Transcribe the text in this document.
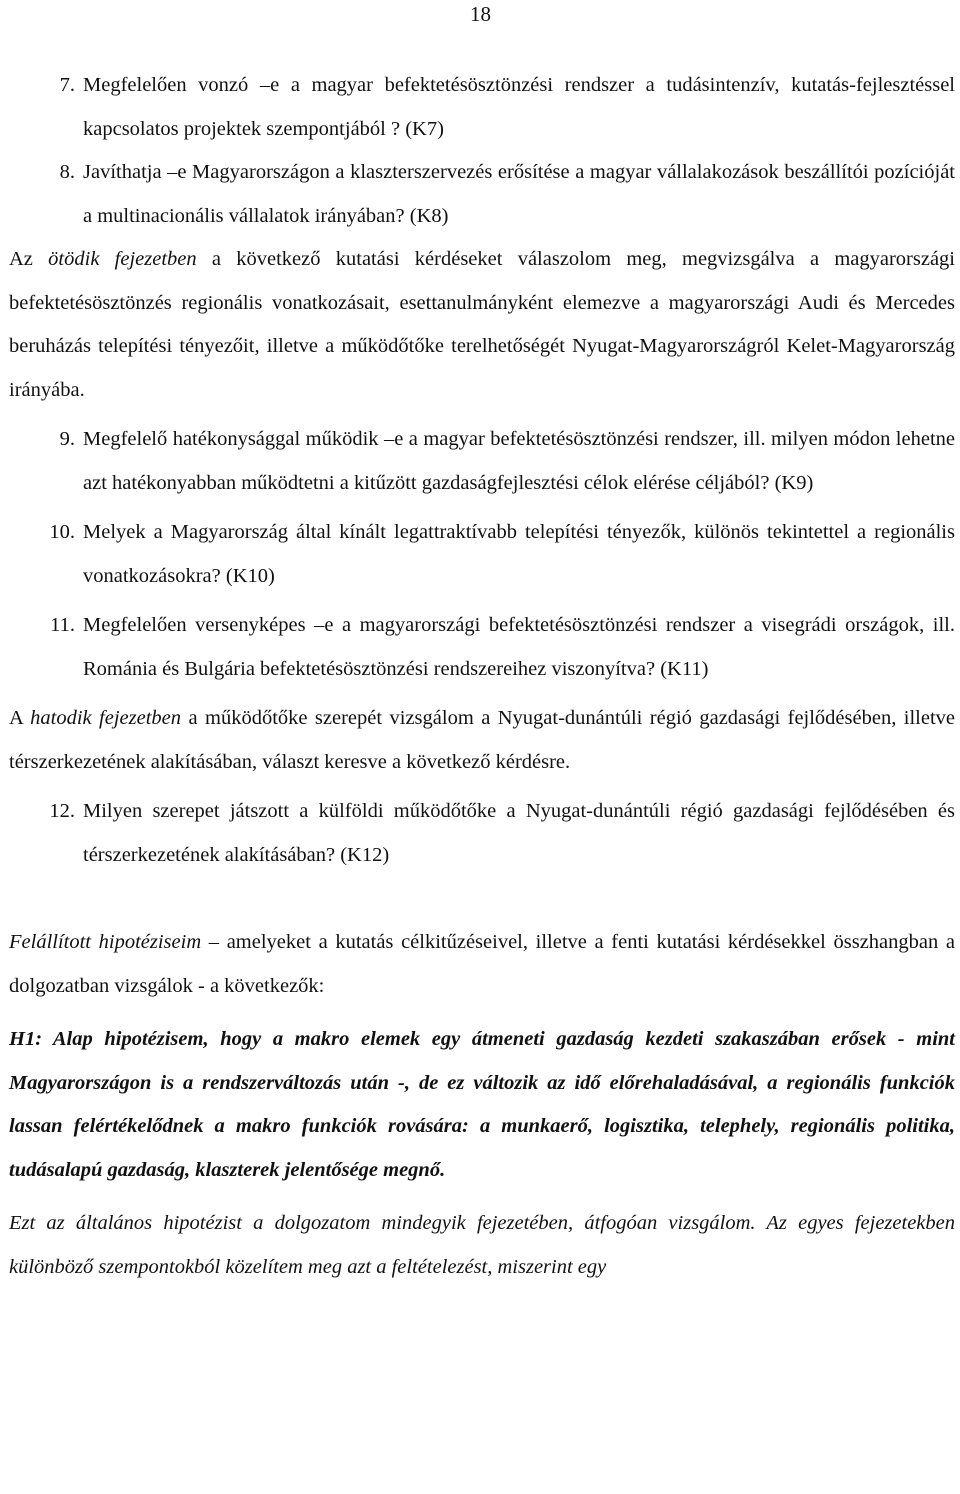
18
7. Megfelelően vonzó –e a magyar befektetésösztönzési rendszer a tudásintenzív, kutatás-fejlesztéssel kapcsolatos projektek szempontjából ? (K7)
8. Javíthatja –e Magyarországon a klaszterszervezés erősítése a magyar vállalakozások beszállítói pozícióját a multinacionális vállalatok irányában? (K8)
Az ötödik fejezetben a következő kutatási kérdéseket válaszolom meg, megvizsgálva a magyarországi befektetésösztönzés regionális vonatkozásait, esettanulmányként elemezve a magyarországi Audi és Mercedes beruházás telepítési tényezőit, illetve a működőtőke terelhetőségét Nyugat-Magyarországról Kelet-Magyarország irányába.
9. Megfelelő hatékonysággal működik –e a magyar befektetésösztönzési rendszer, ill. milyen módon lehetne azt hatékonyabban működtetni a kitűzött gazdaságfejlesztési célok elérése céljából? (K9)
10. Melyek a Magyarország által kínált legattraktívabb telepítési tényezők, különös tekintettel a regionális vonatkozásokra? (K10)
11. Megfelelően versenyképes –e a magyarországi befektetésösztönzési rendszer a visegrádi országok, ill. Románia és Bulgária befektetésösztönzési rendszereihez viszonyítva? (K11)
A hatodik fejezetben a működőtőke szerepét vizsgálom a Nyugat-dunántúli régió gazdasági fejlődésében, illetve térszerkezetének alakításában, választ keresve a következő kérdésre.
12. Milyen szerepet játszott a külföldi működőtőke a Nyugat-dunántúli régió gazdasági fejlődésében és térszerkezetének alakításában? (K12)
Felállított hipotéziseim – amelyeket a kutatás célkitűzéseivel, illetve a fenti kutatási kérdésekkel összhangban a dolgozatban vizsgálok - a következők:
H1: Alap hipotézisem, hogy a makro elemek egy átmeneti gazdaság kezdeti szakaszában erősek - mint Magyarországon is a rendszerváltozás után -, de ez változik az idő előrehaladásával, a regionális funkciók lassan felértékelődnek a makro funkciók rovására: a munkaerő, logisztika, telephely, regionális politika, tudásalapú gazdaság, klaszterek jelentősége megnő.
Ezt az általános hipotézist a dolgozatom mindegyik fejezetében, átfogóan vizsgálom. Az egyes fejezetekben különböző szempontokból közelítem meg azt a feltételezést, miszerint egy
